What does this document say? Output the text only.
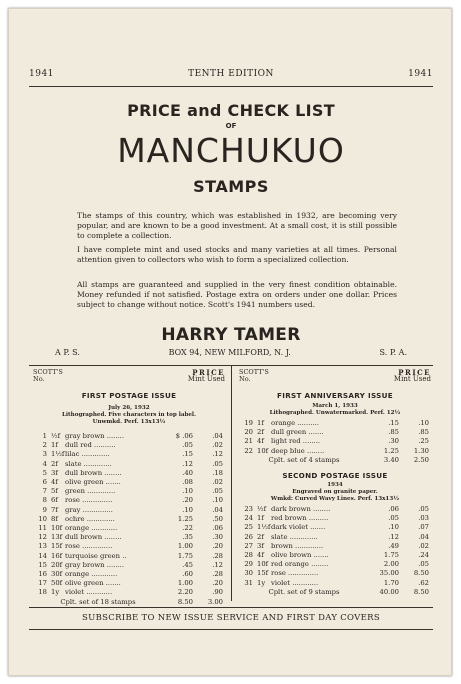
1941	TENTH EDITION	1941
PRICE and CHECK LIST
OF
MANCHUKUO
STAMPS

The stamps of this country, which was established in 1932, are becoming very popular, and are known to be a good investment. At a small cost, it is still possible to complete a collection.

I have complete mint and used stocks and many varieties at all times. Personal attention given to collectors who wish to form a specialized collection.

All stamps are guaranteed and supplied in the very finest condition obtainable. Money refunded if not satisfied. Postage extra on orders under one dollar. Prices subject to change without notice. Scott's 1941 numbers used.

HARRY TAMER
A P. S.	BOX 94, NEW MILFORD, N. J.	S. P. A.
SCOTT'S
No.
PRICE
Mint Used
FIRST POSTAGE ISSUE

July 26, 1932

Lithographed. Five characters in top label.

Unwmkd. Perf. 13x13½

1	½f	gray brown ........	$ .06	.04
2	1f	dull red ..........	.05	.02
3	1½f	lilac .............	.15	.12
4	2f	slate .............	.12	.05
5	3f	dull brown ........	.40	.18
6	4f	olive green .......	.08	.02
7	5f	green .............	.10	.05
8	6f	rose ..............	.20	.10
9	7f	gray ..............	.10	.04
10	8f	ochre .............	1.25	.50
11	10f	orange ............	.22	.06
12	13f	dull brown ........	.35	.30
13	15f	rose ..............	1.00	.20
14	16f	turquoise green ..	1.75	.28
15	20f	gray brown ........	.45	.12
16	30f	orange ............	.60	.28
17	50f	olive green .......	1.00	.20
18	1y	violet ............	2.20	.90
Cplt. set of 18 stamps			8.50	3.00
SCOTT'S
No.
PRICE
Mint Used
FIRST ANNIVERSARY ISSUE

March 1, 1933

Lithographed. Unwatermarked. Perf. 12½

19	1f	orange ..........	.15	.10
20	2f	dull green .......	.85	.85
21	4f	light red ........	.30	.25
22	10f	deep blue ........	1.25	1.30
Cplt. set of 4 stamps			3.40	2.50
SECOND POSTAGE ISSUE

1934

Engraved on granite paper.

Wmkd: Curved Wavy Lines. Perf. 13x13½

23	½f	dark brown ........	.06	.05
24	1f	red brown .........	.05	.03
25	1½f	dark violet .......	.10	.07
26	2f	slate .............	.12	.04
27	3f	brown .............	.49	.02
28	4f	olive brown .......	1.75	.24
29	10f	red orange ........	2.00	.05
30	15f	rose ..............	35.00	8.50
31	1y	violet ............	1.70	.62
Cplt. set of 9 stamps			40.00	8.50
SUBSCRIBE TO NEW ISSUE SERVICE AND FIRST DAY COVERS
